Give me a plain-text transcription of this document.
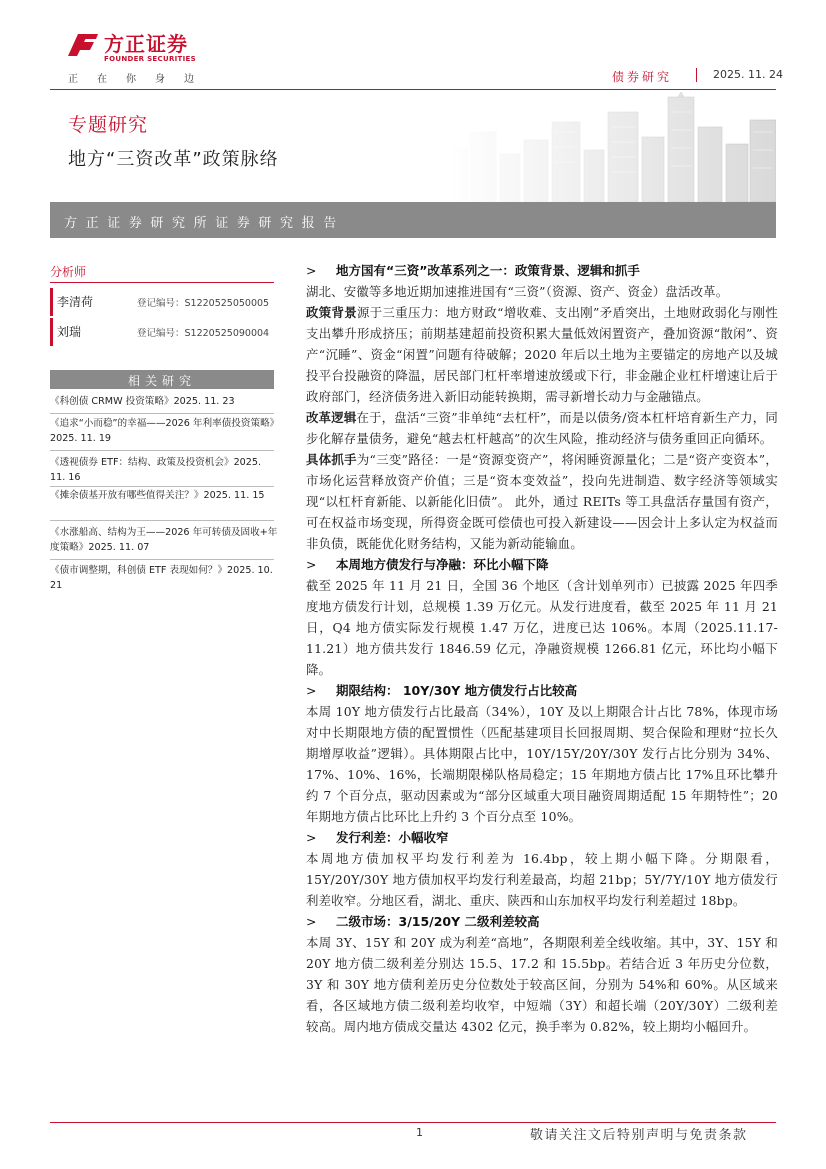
方正证券
FOUNDER SECURITIES
正在你身边	债券研究	2025. 11. 24
专题研究
地方“三资改革”政策脉络
方正证券研究所证券研究报告
分析师
李清荷	登记编号：S1220525050005
刘瑞	登记编号：S1220525090004
相关研究
《科创债 CRMW 投资策略》2025. 11. 23
《追求“小而稳”的幸福——2026 年利率债投资策略》2025. 11. 19
《透视债券 ETF：结构、政策及投资机会》2025. 11. 16
《摊余债基开放有哪些值得关注？》2025. 11. 15
《水涨船高、结构为王——2026 年可转债及固收+年度策略》2025. 11. 07
《债市调整期，科创债 ETF 表现如何？》2025. 10. 21
> 地方国有“三资”改革系列之一：政策背景、逻辑和抓手
湖北、安徽等多地近期加速推进国有“三资”（资源、资产、资金）盘活改革。
政策背景源于三重压力：地方财政“增收难、支出刚”矛盾突出，土地财政弱化与刚性支出攀升形成挤压；前期基建超前投资积累大量低效闲置资产，叠加资源“散闲”、资产“沉睡”、资金“闲置”问题有待破解；2020 年后以土地为主要锚定的房地产以及城投平台投融资的降温，居民部门杠杆率增速放缓或下行，非金融企业杠杆增速让后于政府部门，经济债务进入新旧动能转换期，需寻新增长动力与金融锚点。
改革逻辑在于，盘活“三资”非单纯“去杠杆”，而是以债务/资本杠杆培育新生产力，同步化解存量债务，避免“越去杠杆越高”的次生风险，推动经济与债务重回正向循环。
具体抓手为“三变”路径：一是“资源变资产”，将闲睡资源量化；二是“资产变资本”，市场化运营释放资产价值；三是“资本变效益”，投向先进制造、数字经济等领域实现“以杠杆育新能、以新能化旧债”。 此外，通过 REITs 等工具盘活存量国有资产，可在权益市场变现，所得资金既可偿债也可投入新建设——因会计上多认定为权益而非负债，既能优化财务结构，又能为新动能输血。
> 本周地方债发行与净融：环比小幅下降
截至 2025 年 11 月 21 日，全国 36 个地区（含计划单列市）已披露 2025 年四季度地方债发行计划，总规模 1.39 万亿元。从发行进度看，截至 2025 年 11 月 21 日，Q4 地方债实际发行规模 1.47 万亿，进度已达 106%。本周（2025.11.17-11.21）地方债共发行 1846.59 亿元，净融资规模 1266.81 亿元，环比均小幅下降。
> 期限结构： 10Y/30Y 地方债发行占比较高
本周 10Y 地方债发行占比最高（34%），10Y 及以上期限合计占比 78%，体现市场对中长期限地方债的配置惯性（匹配基建项目长回报周期、契合保险和理财“拉长久期增厚收益”逻辑）。具体期限占比中，10Y/15Y/20Y/30Y 发行占比分别为 34%、17%、10%、16%，长端期限梯队格局稳定；15 年期地方债占比 17%且环比攀升约 7 个百分点，驱动因素或为“部分区域重大项目融资周期适配 15 年期特性”；20 年期地方债占比环比上升约 3 个百分点至 10%。
> 发行利差：小幅收窄
本周地方债加权平均发行利差为 16.4bp，较上期小幅下降。分期限看，15Y/20Y/30Y 地方债加权平均发行利差最高，均超 21bp；5Y/7Y/10Y 地方债发行利差收窄。分地区看，湖北、重庆、陕西和山东加权平均发行利差超过 18bp。
> 二级市场：3/15/20Y 二级利差较高
本周 3Y、15Y 和 20Y 成为利差“高地”，各期限利差全线收缩。其中，3Y、15Y 和 20Y 地方债二级利差分别达 15.5、17.2 和 15.5bp。若结合近 3 年历史分位数，3Y 和 30Y 地方债利差历史分位数处于较高区间，分别为 54%和 60%。从区域来看，各区域地方债二级利差均收窄，中短端（3Y）和超长端（20Y/30Y）二级利差较高。周内地方债成交量达 4302 亿元，换手率为 0.82%，较上期均小幅回升。
1	敬请关注文后特别声明与免责条款
